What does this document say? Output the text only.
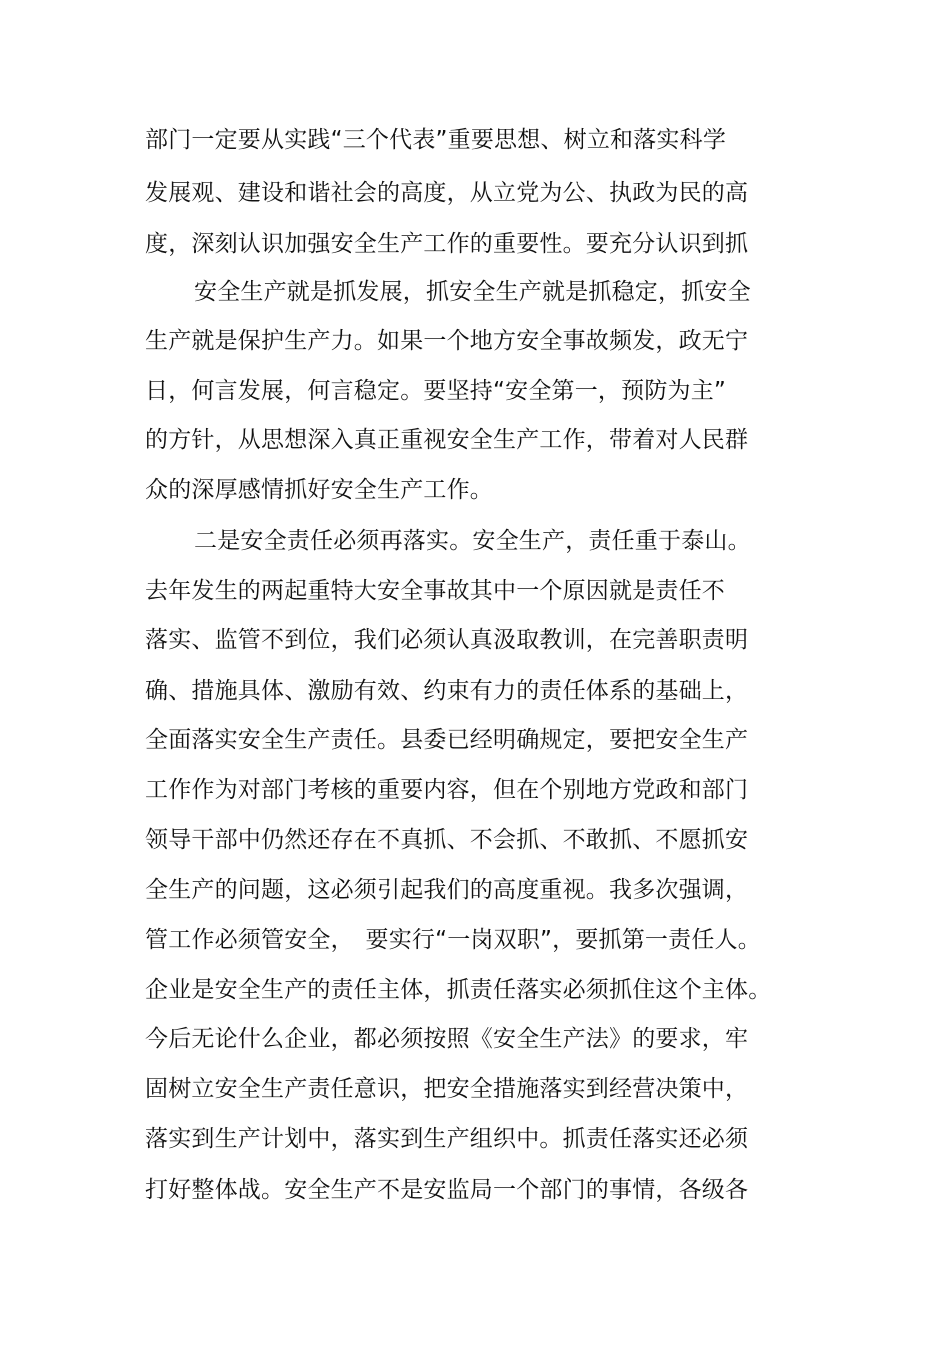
部门一定要从实践“三个代表”重要思想、树立和落实科学
发展观、建设和谐社会的高度，从立党为公、执政为民的高
度，深刻认识加强安全生产工作的重要性。要充分认识到抓
安全生产就是抓发展，抓安全生产就是抓稳定，抓安全
生产就是保护生产力。如果一个地方安全事故频发，政无宁
日，何言发展，何言稳定。要坚持“安全第一，预防为主”
的方针，从思想深入真正重视安全生产工作，带着对人民群
众的深厚感情抓好安全生产工作。
二是安全责任必须再落实。安全生产，责任重于泰山。
去年发生的两起重特大安全事故其中一个原因就是责任不
落实、监管不到位，我们必须认真汲取教训，在完善职责明
确、措施具体、激励有效、约束有力的责任体系的基础上，
全面落实安全生产责任。县委已经明确规定，要把安全生产
工作作为对部门考核的重要内容，但在个别地方党政和部门
领导干部中仍然还存在不真抓、不会抓、不敢抓、不愿抓安
全生产的问题，这必须引起我们的高度重视。我多次强调，
管工作必须管安全，　要实行“一岗双职”，要抓第一责任人。
企业是安全生产的责任主体，抓责任落实必须抓住这个主体。
今后无论什么企业，都必须按照《安全生产法》的要求，牢
固树立安全生产责任意识，把安全措施落实到经营决策中，
落实到生产计划中，落实到生产组织中。抓责任落实还必须
打好整体战。安全生产不是安监局一个部门的事情，各级各
